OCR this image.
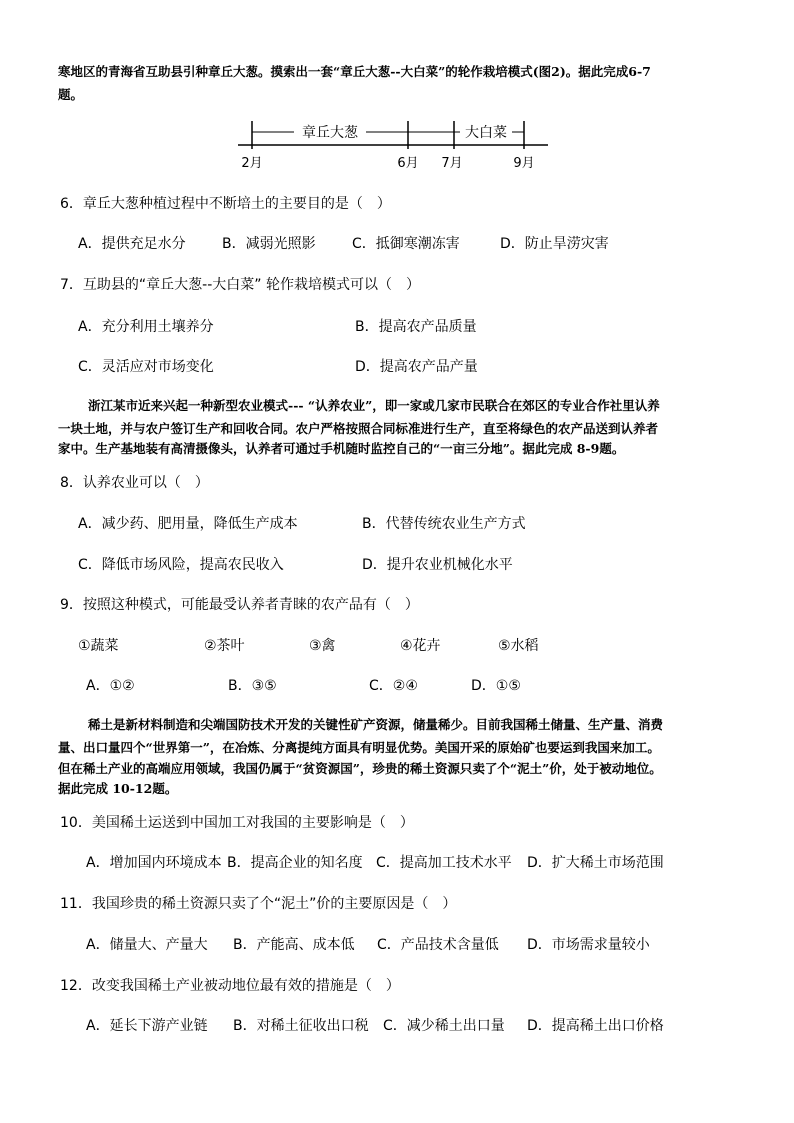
寒地区的青海省互助县引种章丘大葱。摸索出一套“章丘大葱--大白菜”的轮作栽培模式(图2)。据此完成6-7
题。
章丘大葱	大白菜
2月	6月 7月	9月
6．章丘大葱种植过程中不断培土的主要目的是（　）
A．提供充足水分	B．减弱光照影	C．抵御寒潮冻害	D．防止旱涝灾害
7．互助县的“章丘大葱--大白菜” 轮作栽培模式可以（　）
A．充分利用土壤养分	B．提高农产品质量
C．灵活应对市场变化	D．提高农产品产量
浙江某市近来兴起一种新型农业模式--- “认养农业”，即一家或几家市民联合在郊区的专业合作社里认养
一块土地，并与农户签订生产和回收合同。农户严格按照合同标准进行生产，直至将绿色的农产品送到认养者
家中。生产基地装有高清摄像头，认养者可通过手机随时监控自己的“一亩三分地”。据此完成 8-9题。
8．认养农业可以（　）
A．减少药、肥用量，降低生产成本	B．代替传统农业生产方式
C．降低市场风险，提高农民收入	D．提升农业机械化水平
9．按照这种模式，可能最受认养者青睐的农产品有（　）
①蔬菜	②茶叶	③禽	④花卉	⑤水稻
A．①②	B．③⑤	C．②④	D．①⑤
稀土是新材料制造和尖端国防技术开发的关键性矿产资源，储量稀少。目前我国稀土储量、生产量、消费
量、出口量四个“世界第一”，在冶炼、分离提纯方面具有明显优势。美国开采的原始矿也要运到我国来加工。
但在稀土产业的高端应用领域，我国仍属于“贫资源国”，珍贵的稀土资源只卖了个“泥土”价，处于被动地位。
据此完成 10-12题。
10．美国稀土运送到中国加工对我国的主要影响是（　）
A．增加国内环境成本 B．提高企业的知名度 C．提高加工技术水平 D．扩大稀土市场范围
11．我国珍贵的稀土资源只卖了个“泥土”价的主要原因是（　）
A．储量大、产量大 B．产能高、成本低 C．产品技术含量低 D．市场需求量较小
12．改变我国稀土产业被动地位最有效的措施是（　）
A．延长下游产业链 B．对稀土征收出口税 C．减少稀土出口量 D．提高稀土出口价格
